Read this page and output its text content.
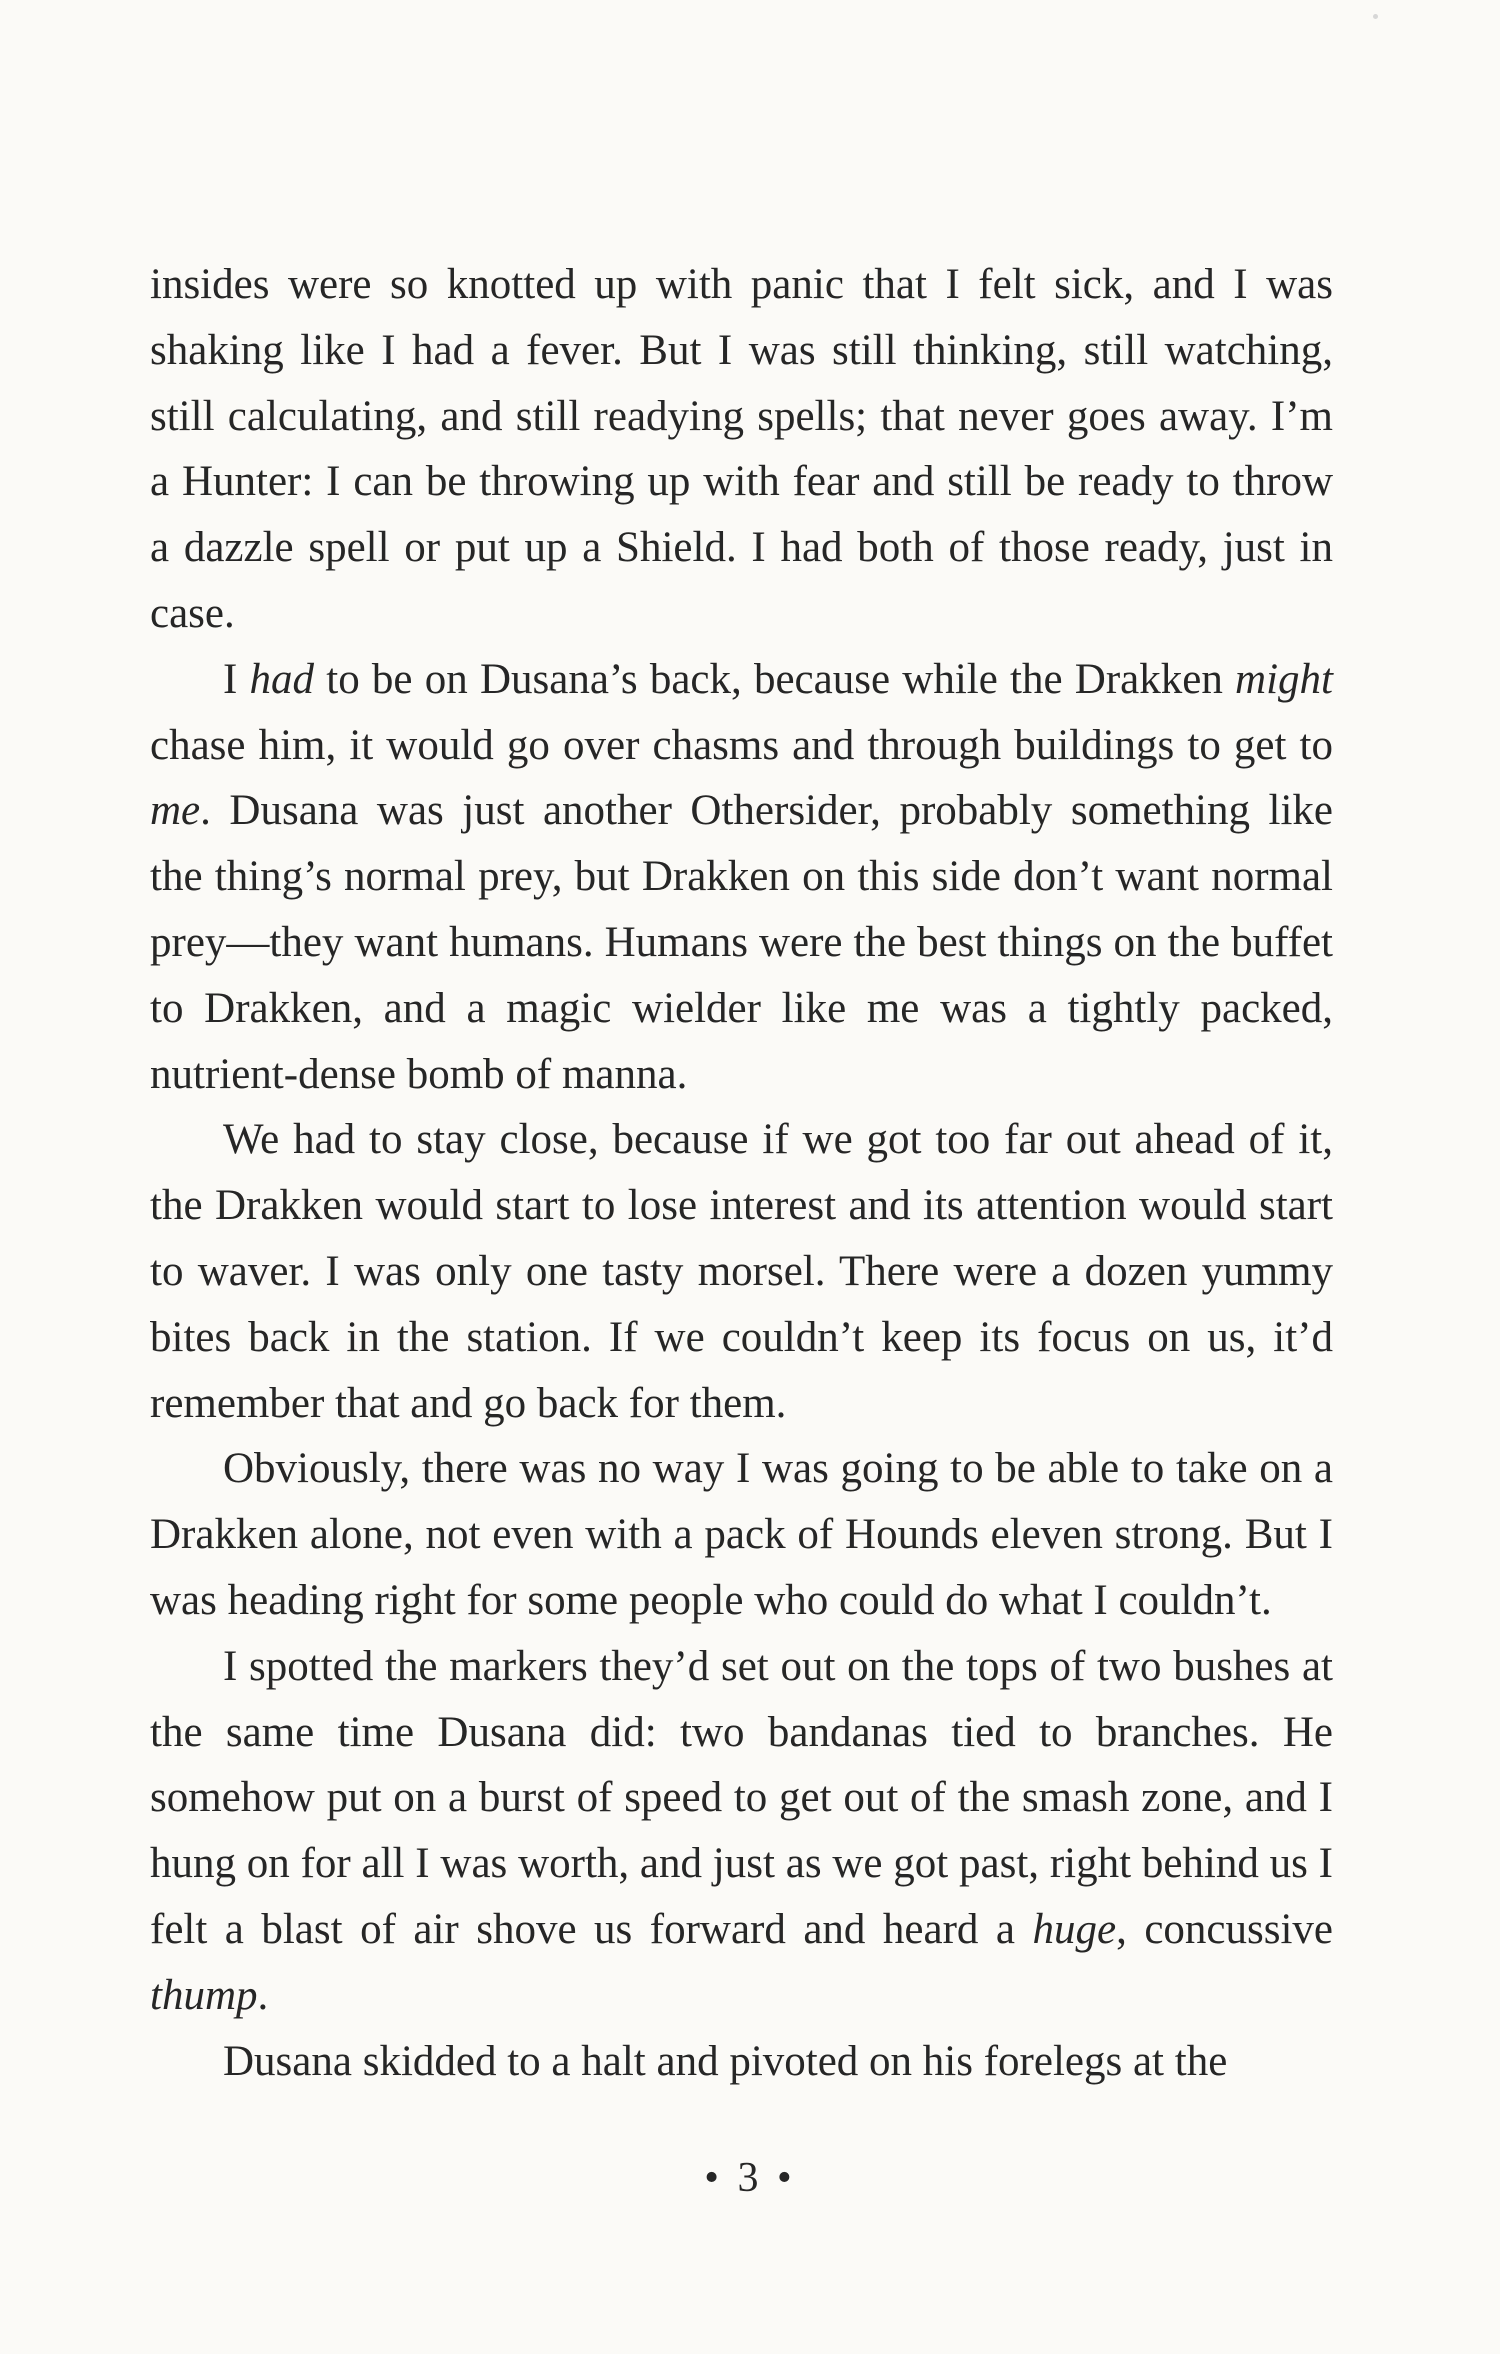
insides were so knotted up with panic that I felt sick, and I was shaking like I had a fever. But I was still thinking, still watching, still calculating, and still readying spells; that never goes away. I’m a Hunter: I can be throwing up with fear and still be ready to throw a dazzle spell or put up a Shield. I had both of those ready, just in case.

I had to be on Dusana’s back, because while the Drakken might chase him, it would go over chasms and through buildings to get to me. Dusana was just another Othersider, probably something like the thing’s normal prey, but Drakken on this side don’t want normal prey—they want humans. Humans were the best things on the buffet to Drakken, and a magic wielder like me was a tightly packed, nutrient-dense bomb of manna.

We had to stay close, because if we got too far out ahead of it, the Drakken would start to lose interest and its attention would start to waver. I was only one tasty morsel. There were a dozen yummy bites back in the station. If we couldn’t keep its focus on us, it’d remember that and go back for them.

Obviously, there was no way I was going to be able to take on a Drakken alone, not even with a pack of Hounds eleven strong. But I was heading right for some people who could do what I couldn’t.

I spotted the markers they’d set out on the tops of two bushes at the same time Dusana did: two bandanas tied to branches. He somehow put on a burst of speed to get out of the smash zone, and I hung on for all I was worth, and just as we got past, right behind us I felt a blast of air shove us forward and heard a huge, concussive thump.

Dusana skidded to a halt and pivoted on his forelegs at the

• 3 •
